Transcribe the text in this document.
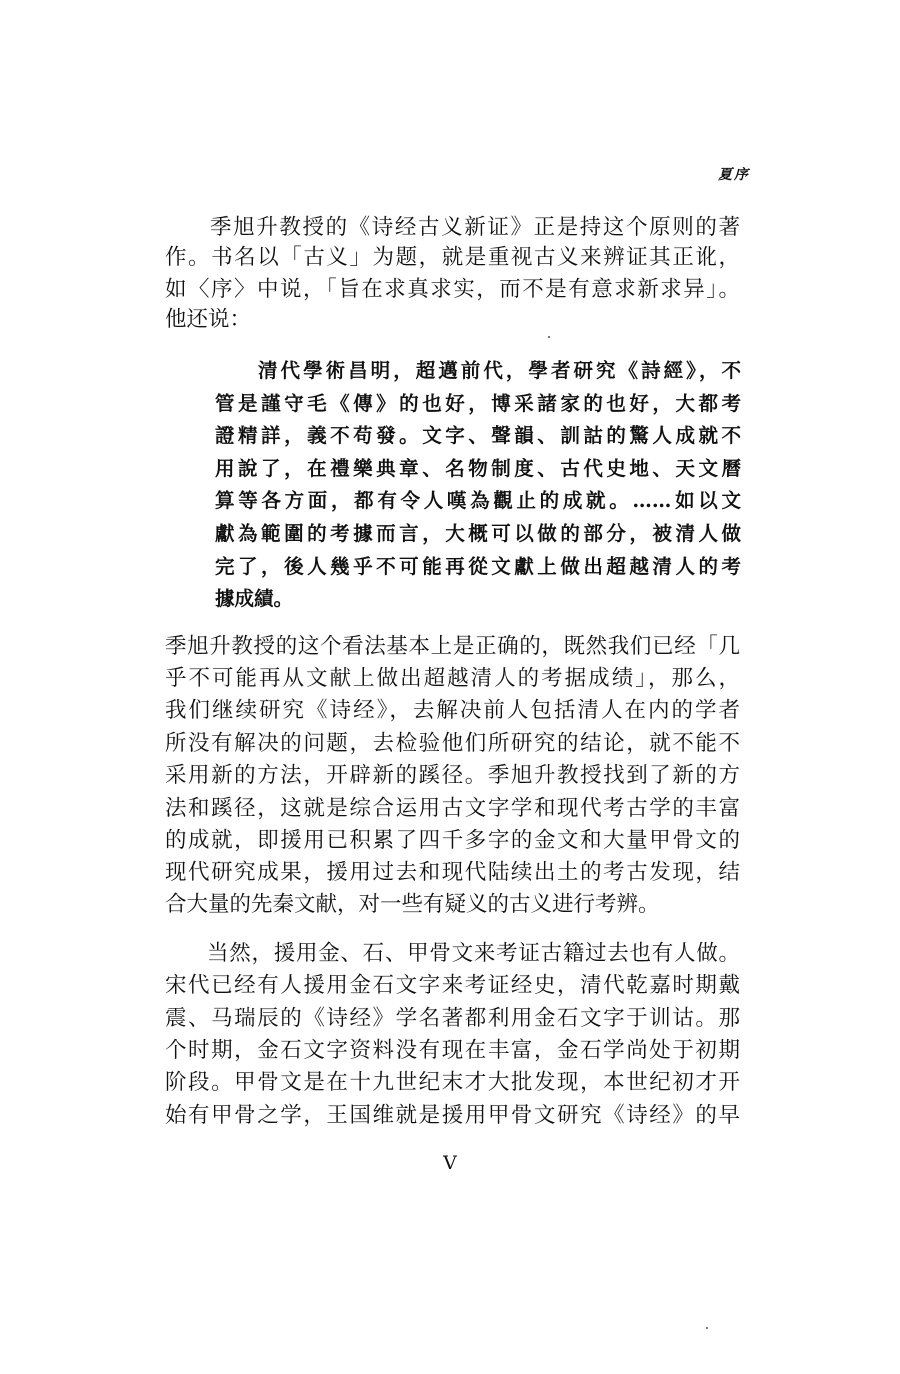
夏序
季旭升教授的《诗经古义新证》正是持这个原则的著
作。书名以「古义」为题，就是重视古义来辨证其正讹，
如〈序〉中说，「旨在求真求实，而不是有意求新求异」。
他还说：
清代學術昌明，超邁前代，學者研究《詩經》，不
管是謹守毛《傳》的也好，博采諸家的也好，大都考
證精詳，義不苟發。文字、聲韻、訓詁的驚人成就不
用說了，在禮樂典章、名物制度、古代史地、天文曆
算等各方面，都有令人嘆為觀止的成就。……如以文
獻為範圍的考據而言，大概可以做的部分，被清人做
完了，後人幾乎不可能再從文獻上做出超越清人的考
據成績。
季旭升教授的这个看法基本上是正确的，既然我们已经「几
乎不可能再从文献上做出超越清人的考据成绩」，那么，
我们继续研究《诗经》，去解决前人包括清人在内的学者
所没有解决的问题，去检验他们所研究的结论，就不能不
采用新的方法，开辟新的蹊径。季旭升教授找到了新的方
法和蹊径，这就是综合运用古文字学和现代考古学的丰富
的成就，即援用已积累了四千多字的金文和大量甲骨文的
现代研究成果，援用过去和现代陆续出土的考古发现，结
合大量的先秦文献，对一些有疑义的古义进行考辨。
当然，援用金、石、甲骨文来考证古籍过去也有人做。
宋代已经有人援用金石文字来考证经史，清代乾嘉时期戴
震、马瑞辰的《诗经》学名著都利用金石文字于训诂。那
个时期，金石文字资料没有现在丰富，金石学尚处于初期
阶段。甲骨文是在十九世纪末才大批发现，本世纪初才开
始有甲骨之学，王国维就是援用甲骨文研究《诗经》的早
V
